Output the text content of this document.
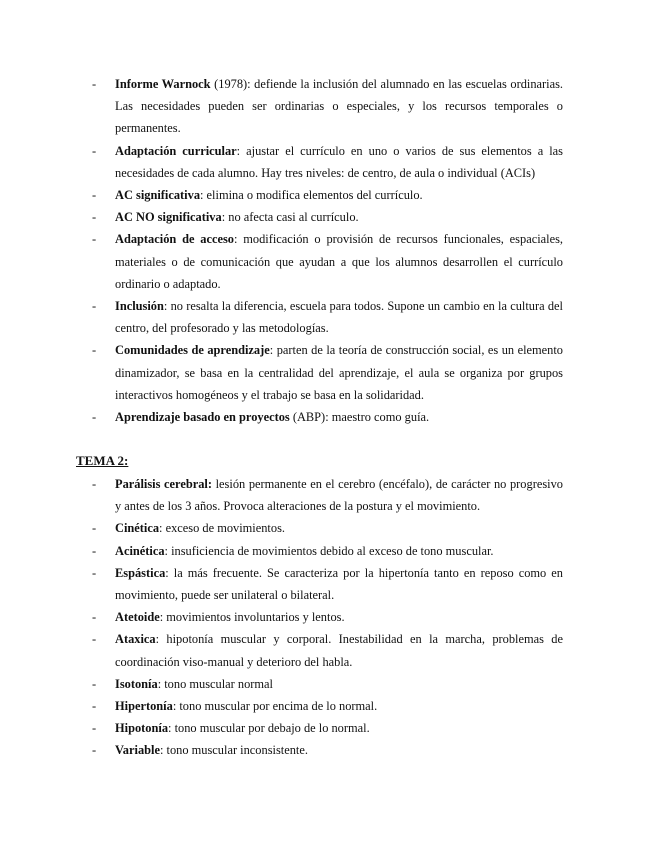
- Informe Warnock (1978): defiende la inclusión del alumnado en las escuelas ordinarias. Las necesidades pueden ser ordinarias o especiales, y los recursos temporales o permanentes.
- Adaptación curricular: ajustar el currículo en uno o varios de sus elementos a las necesidades de cada alumno. Hay tres niveles: de centro, de aula o individual (ACIs)
- AC significativa: elimina o modifica elementos del currículo.
- AC NO significativa: no afecta casi al currículo.
- Adaptación de acceso: modificación o provisión de recursos funcionales, espaciales, materiales o de comunicación que ayudan a que los alumnos desarrollen el currículo ordinario o adaptado.
- Inclusión: no resalta la diferencia, escuela para todos. Supone un cambio en la cultura del centro, del profesorado y las metodologías.
- Comunidades de aprendizaje: parten de la teoría de construcción social, es un elemento dinamizador, se basa en la centralidad del aprendizaje, el aula se organiza por grupos interactivos homogéneos y el trabajo se basa en la solidaridad.
- Aprendizaje basado en proyectos (ABP): maestro como guía.
TEMA 2:
- Parálisis cerebral: lesión permanente en el cerebro (encéfalo), de carácter no progresivo y antes de los 3 años. Provoca alteraciones de la postura y el movimiento.
- Cinética: exceso de movimientos.
- Acinética: insuficiencia de movimientos debido al exceso de tono muscular.
- Espástica: la más frecuente. Se caracteriza por la hipertonía tanto en reposo como en movimiento, puede ser unilateral o bilateral.
- Atetoide: movimientos involuntarios y lentos.
- Ataxica: hipotonía muscular y corporal. Inestabilidad en la marcha, problemas de coordinación viso-manual y deterioro del habla.
- Isotonía: tono muscular normal
- Hipertonía: tono muscular por encima de lo normal.
- Hipotonía: tono muscular por debajo de lo normal.
- Variable: tono muscular inconsistente.
